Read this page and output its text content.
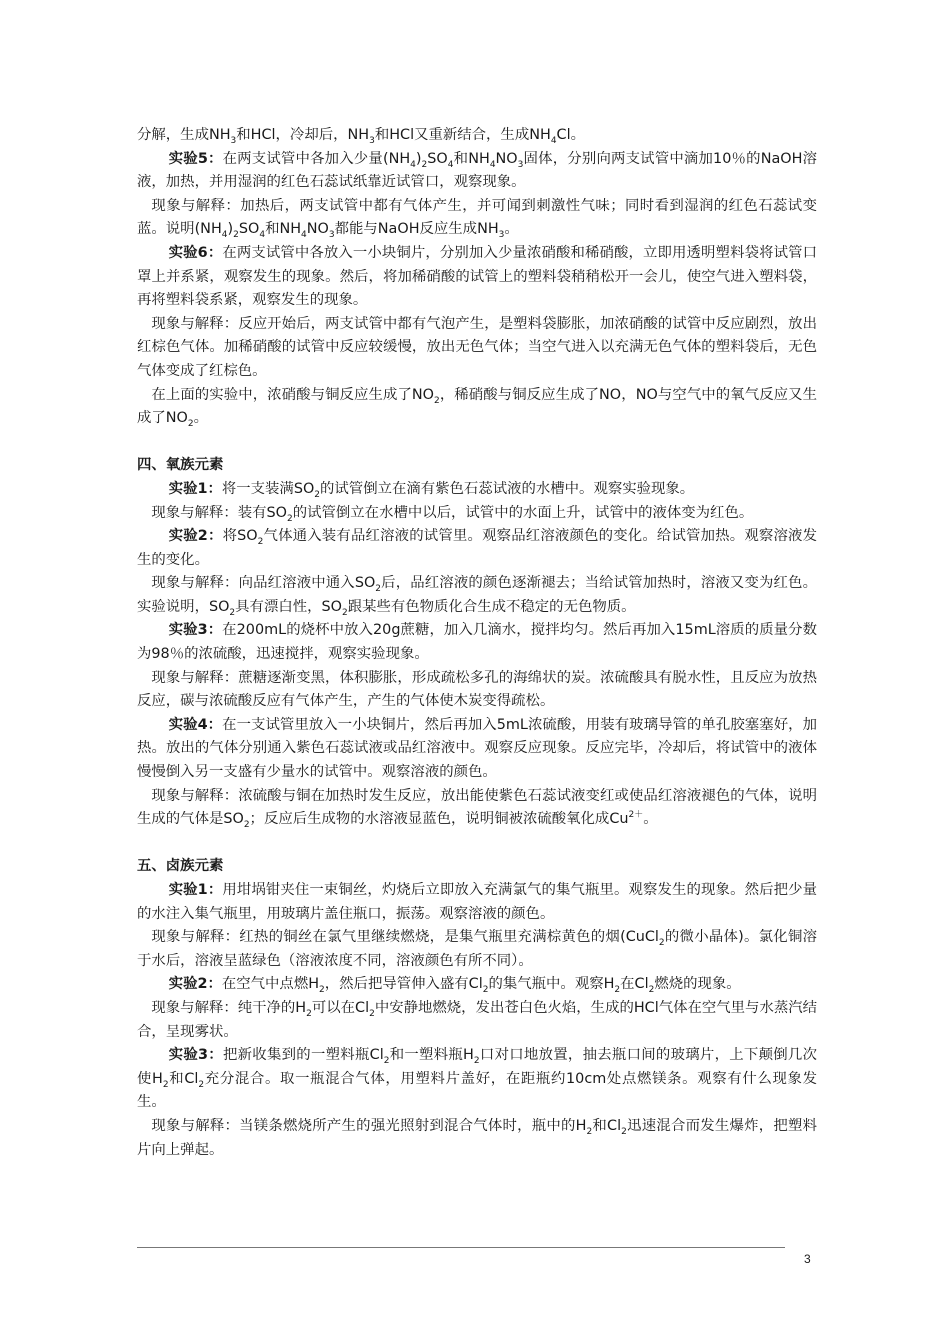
分解，生成$NH_3$和HCl，冷却后，$NH_3$和HCl又重新结合，生成$NH_4Cl$。

实验5：在两支试管中各加入少量$(NH_4)_2SO_4$和$NH_4NO_3$固体，分别向两支试管中滴加10％的NaOH溶液，加热，并用湿润的红色石蕊试纸靠近试管口，观察现象。

现象与解释：加热后，两支试管中都有气体产生，并可闻到刺激性气味；同时看到湿润的红色石蕊试变蓝。说明$(NH_4)_2SO_4$和$NH_4NO_3$都能与NaOH反应生成$NH_3$。

实验6：在两支试管中各放入一小块铜片，分别加入少量浓硝酸和稀硝酸，立即用透明塑料袋将试管口罩上并系紧，观察发生的现象。然后，将加稀硝酸的试管上的塑料袋稍稍松开一会儿，使空气进入塑料袋，再将塑料袋系紧，观察发生的现象。

现象与解释：反应开始后，两支试管中都有气泡产生，是塑料袋膨胀，加浓硝酸的试管中反应剧烈，放出红棕色气体。加稀硝酸的试管中反应较缓慢，放出无色气体；当空气进入以充满无色气体的塑料袋后，无色气体变成了红棕色。

在上面的实验中，浓硝酸与铜反应生成了$NO_2$，稀硝酸与铜反应生成了NO，NO与空气中的氧气反应又生成了$NO_2$。

四、氧族元素

实验1：将一支装满$SO_2$的试管倒立在滴有紫色石蕊试液的水槽中。观察实验现象。

现象与解释：装有$SO_2$的试管倒立在水槽中以后，试管中的水面上升，试管中的液体变为红色。

实验2：将$SO_2$气体通入装有品红溶液的试管里。观察品红溶液颜色的变化。给试管加热。观察溶液发生的变化。

现象与解释：向品红溶液中通入$SO_2$后，品红溶液的颜色逐渐褪去；当给试管加热时，溶液又变为红色。实验说明，$SO_2$具有漂白性，$SO_2$跟某些有色物质化合生成不稳定的无色物质。

实验3：在200mL的烧杯中放入20g蔗糖，加入几滴水，搅拌均匀。然后再加入15mL溶质的质量分数为98％的浓硫酸，迅速搅拌，观察实验现象。

现象与解释：蔗糖逐渐变黑，体积膨胀，形成疏松多孔的海绵状的炭。浓硫酸具有脱水性，且反应为放热反应，碳与浓硫酸反应有气体产生，产生的气体使木炭变得疏松。

实验4：在一支试管里放入一小块铜片，然后再加入5mL浓硫酸，用装有玻璃导管的单孔胶塞塞好，加热。放出的气体分别通入紫色石蕊试液或品红溶液中。观察反应现象。反应完毕，冷却后，将试管中的液体慢慢倒入另一支盛有少量水的试管中。观察溶液的颜色。

现象与解释：浓硫酸与铜在加热时发生反应，放出能使紫色石蕊试液变红或使品红溶液褪色的气体，说明生成的气体是$SO_2$；反应后生成物的水溶液显蓝色，说明铜被浓硫酸氧化成$Cu^{2+}$。

五、卤族元素

实验1：用坩埚钳夹住一束铜丝，灼烧后立即放入充满氯气的集气瓶里。观察发生的现象。然后把少量的水注入集气瓶里，用玻璃片盖住瓶口，振荡。观察溶液的颜色。

现象与解释：红热的铜丝在氯气里继续燃烧，是集气瓶里充满棕黄色的烟(CuCl$_2$的微小晶体)。氯化铜溶于水后，溶液呈蓝绿色（溶液浓度不同，溶液颜色有所不同）。

实验2：在空气中点燃$H_2$，然后把导管伸入盛有$Cl_2$的集气瓶中。观察$H_2$在$Cl_2$燃烧的现象。

现象与解释：纯干净的$H_2$可以在$Cl_2$中安静地燃烧，发出苍白色火焰，生成的HCl气体在空气里与水蒸汽结合，呈现雾状。

实验3：把新收集到的一塑料瓶$Cl_2$和一塑料瓶$H_2$口对口地放置，抽去瓶口间的玻璃片，上下颠倒几次使$H_2$和$Cl_2$充分混合。取一瓶混合气体，用塑料片盖好，在距瓶约10cm处点燃镁条。观察有什么现象发生。

现象与解释：当镁条燃烧所产生的强光照射到混合气体时，瓶中的$H_2$和$Cl_2$迅速混合而发生爆炸，把塑料片向上弹起。

3
